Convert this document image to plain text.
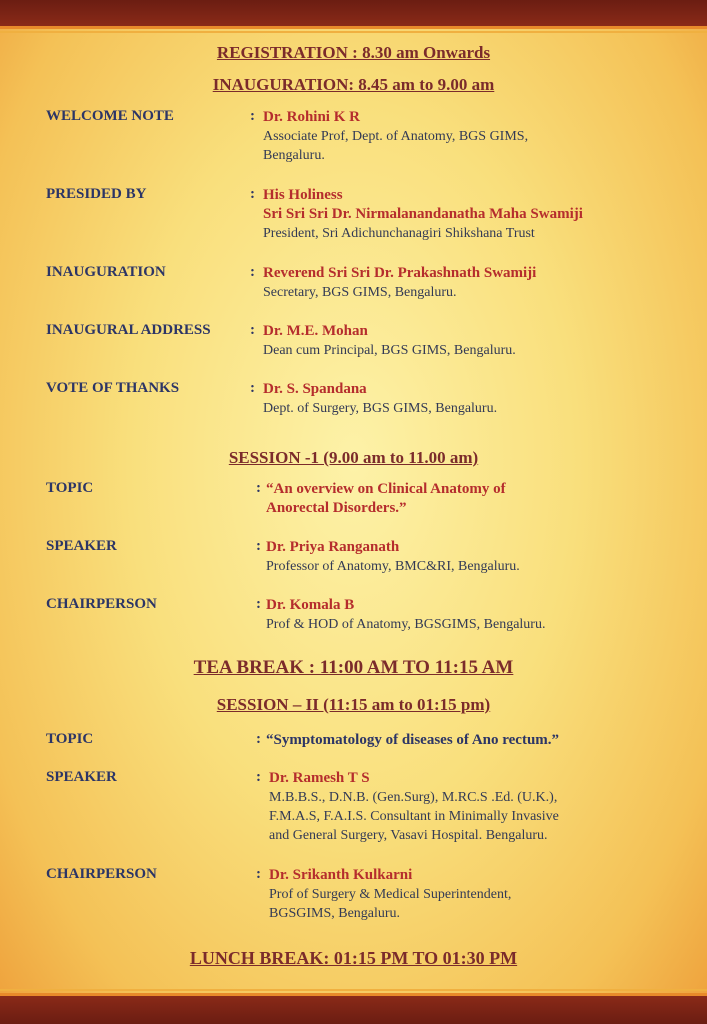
REGISTRATION : 8.30 am Onwards
INAUGURATION: 8.45 am to 9.00 am
WELCOME NOTE	: Dr. Rohini K R
Associate Prof, Dept. of Anatomy, BGS GIMS,
Bengaluru.
PRESIDED BY	: His Holiness
Sri Sri Sri Dr. Nirmalanandanatha Maha Swamiji
President, Sri Adichunchanagiri Shikshana Trust
INAUGURATION	: Reverend Sri Sri Dr. Prakashnath Swamiji
Secretary, BGS GIMS, Bengaluru.
INAUGURAL ADDRESS	: Dr. M.E. Mohan
Dean cum Principal, BGS GIMS, Bengaluru.
VOTE OF THANKS	: Dr. S. Spandana
Dept. of Surgery, BGS GIMS, Bengaluru.
SESSION -1 (9.00 am to 11.00 am)
TOPIC	: “An overview on Clinical Anatomy of
Anorectal Disorders.”
SPEAKER	: Dr. Priya Ranganath
Professor of Anatomy, BMC&RI, Bengaluru.
CHAIRPERSON	: Dr. Komala B
Prof & HOD of Anatomy, BGSGIMS, Bengaluru.
TEA BREAK : 11:00 AM TO 11:15 AM
SESSION – II (11:15 am to 01:15 pm)
TOPIC	: “Symptomatology of diseases of Ano rectum.”
SPEAKER	: Dr. Ramesh T S
M.B.B.S., D.N.B. (Gen.Surg), M.RC.S .Ed. (U.K.),
F.M.A.S, F.A.I.S. Consultant in Minimally Invasive
and General Surgery, Vasavi Hospital. Bengaluru.
CHAIRPERSON	: Dr. Srikanth Kulkarni
Prof of Surgery & Medical Superintendent,
BGSGIMS, Bengaluru.
LUNCH BREAK: 01:15 PM TO 01:30 PM
